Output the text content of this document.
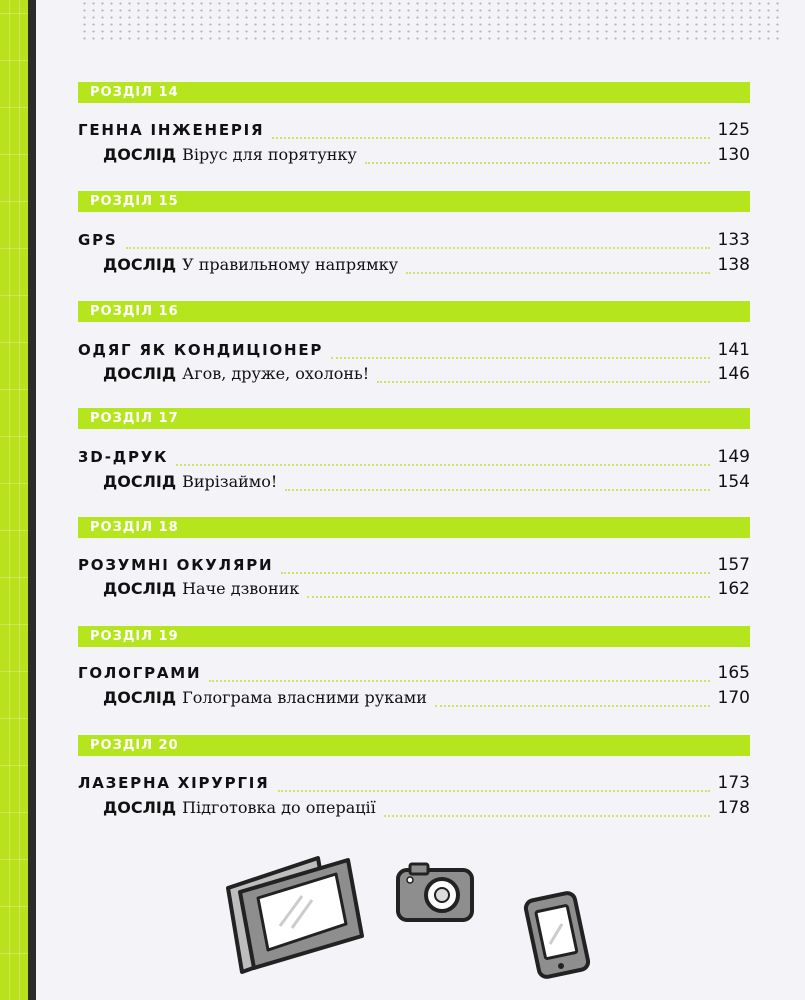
РОЗДІЛ 14
ГЕННА ІНЖЕНЕРІЯ	125
ДОСЛІД Вірус для порятунку	130
РОЗДІЛ 15
GPS	133
ДОСЛІД У правильному напрямку	138
РОЗДІЛ 16
ОДЯГ ЯК КОНДИЦІОНЕР	141
ДОСЛІД Агов, друже, охолонь!	146
РОЗДІЛ 17
3D-ДРУК	149
ДОСЛІД Вирізаймо!	154
РОЗДІЛ 18
РОЗУМНІ ОКУЛЯРИ	157
ДОСЛІД Наче дзвоник	162
РОЗДІЛ 19
ГОЛОГРАМИ	165
ДОСЛІД Голограма власними руками	170
РОЗДІЛ 20
ЛАЗЕРНА ХІРУРГІЯ	173
ДОСЛІД Підготовка до операції	178
